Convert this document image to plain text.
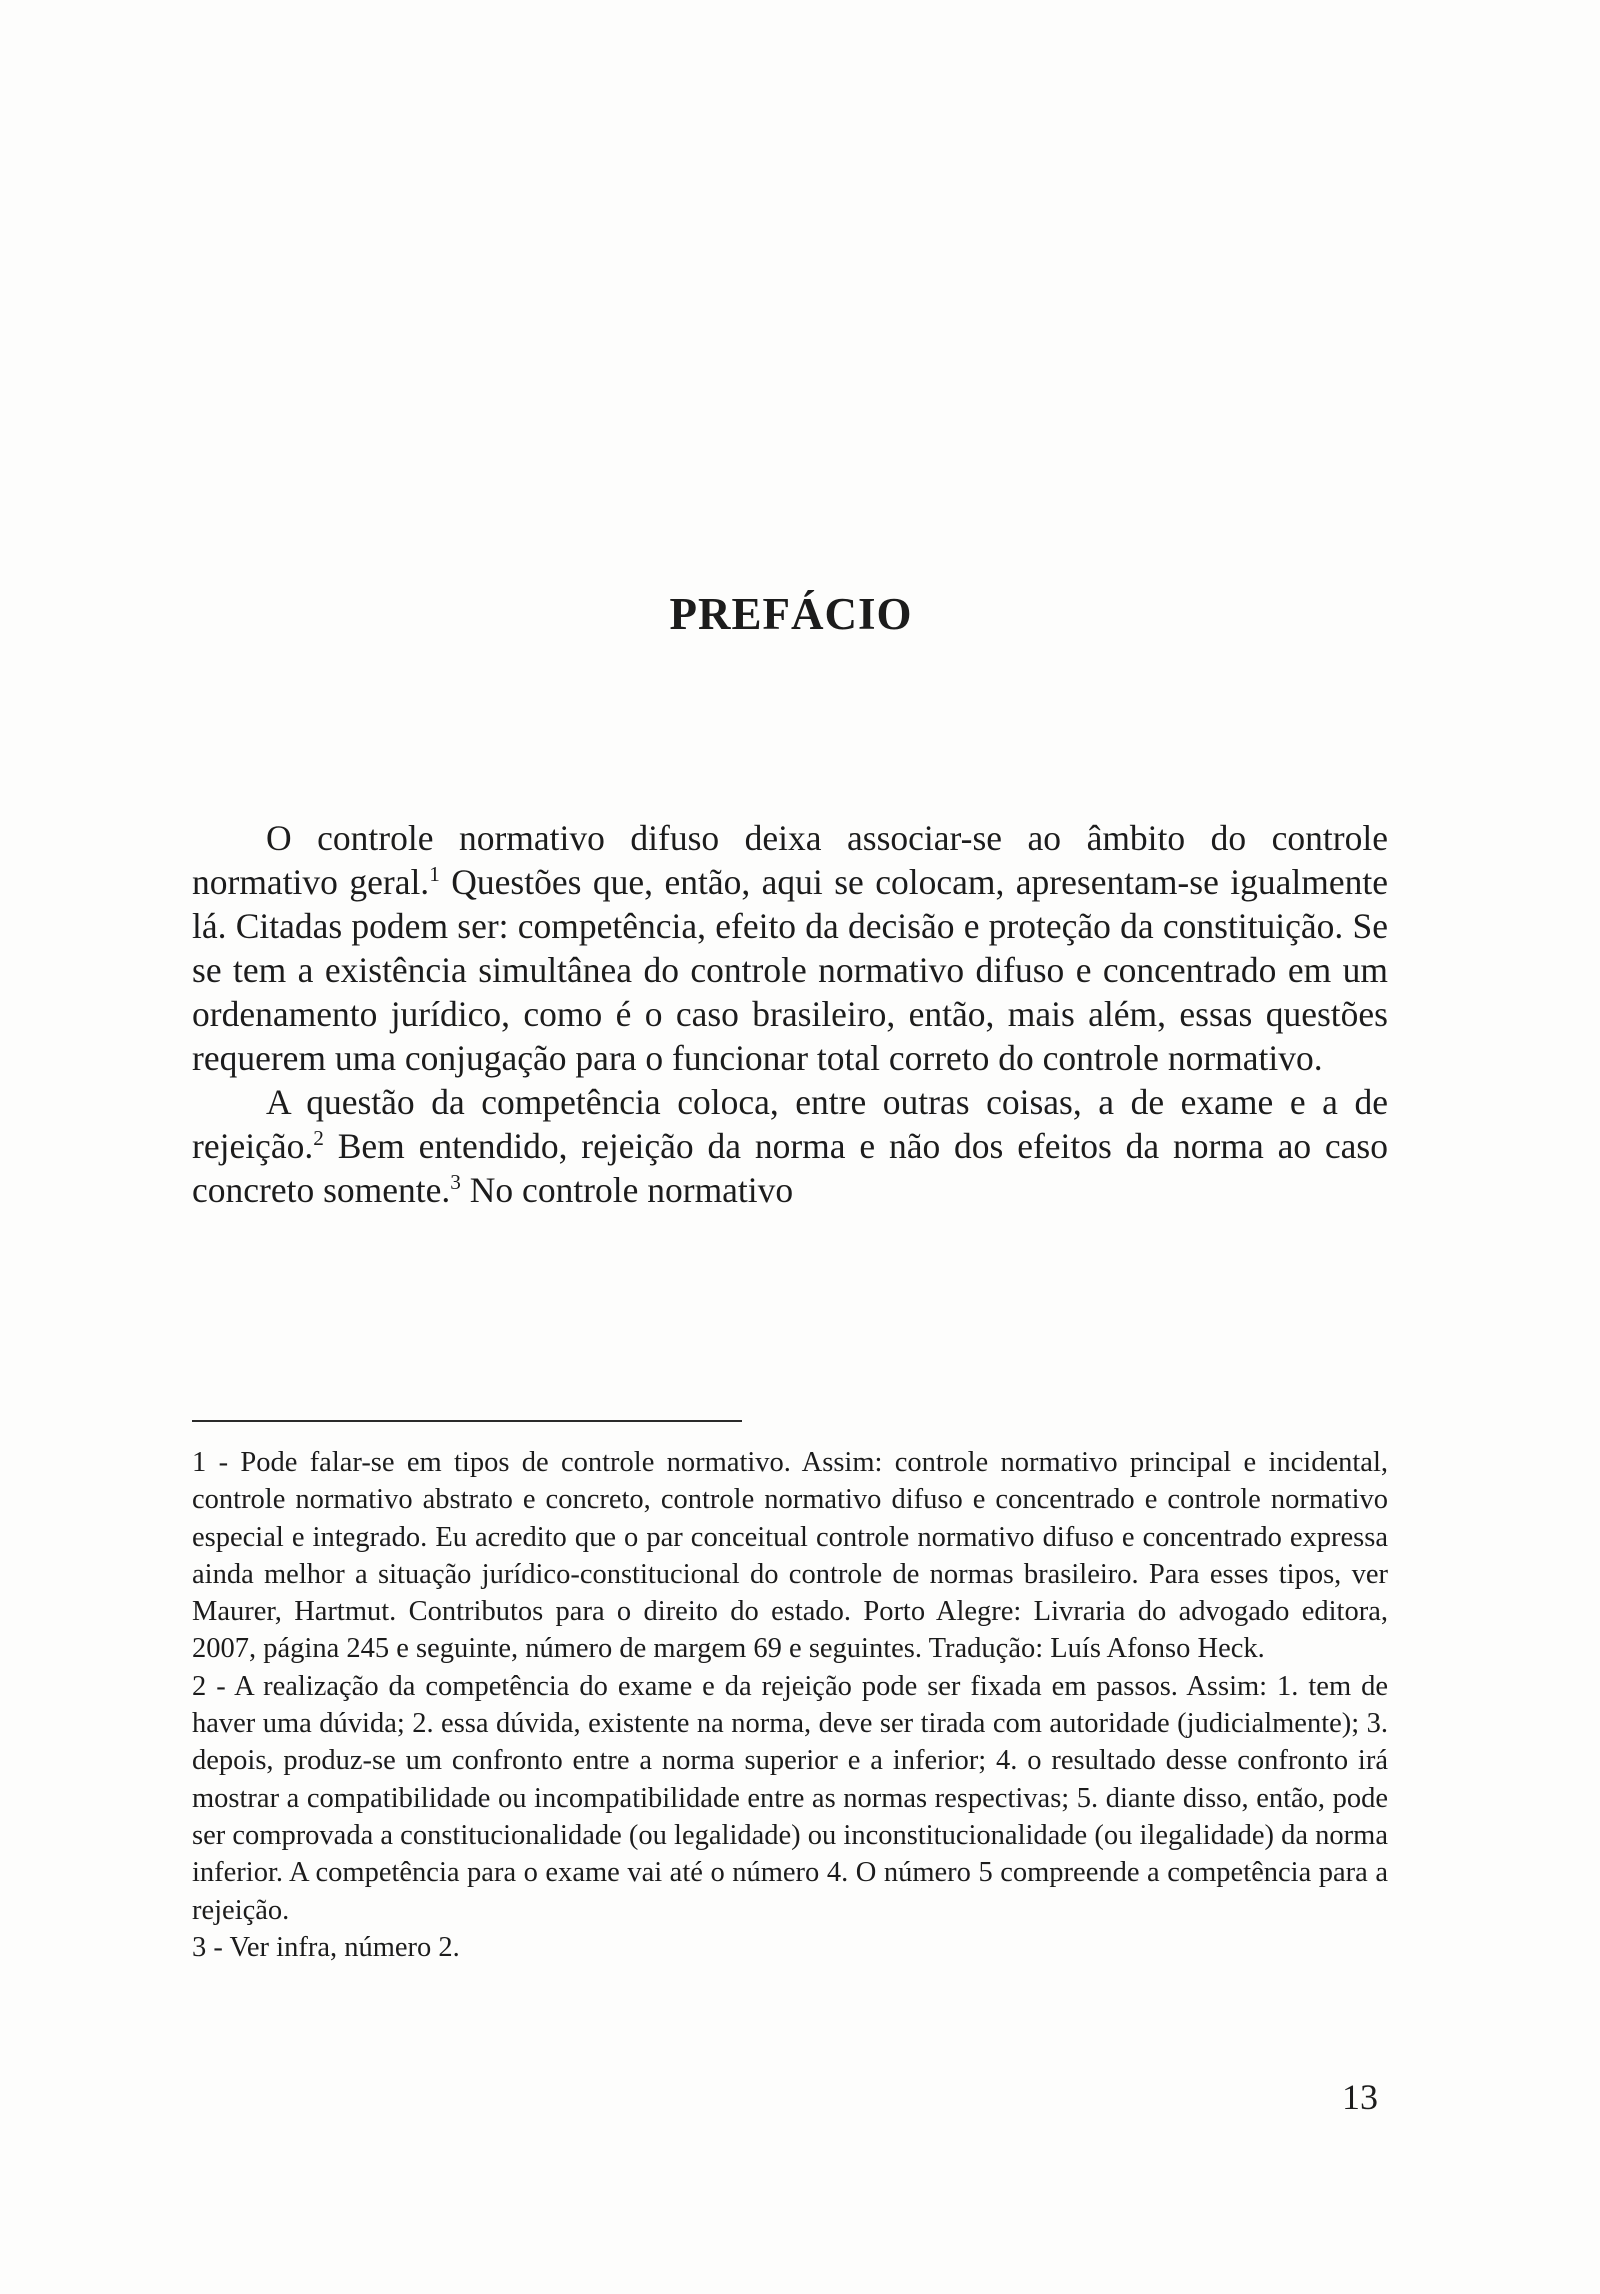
PREFÁCIO

O controle normativo difuso deixa associar-se ao âmbito do controle normativo geral.$^1$ Questões que, então, aqui se colocam, apresentam-se igualmente lá. Citadas podem ser: competência, efeito da decisão e proteção da constituição. Se se tem a existência simultânea do controle normativo difuso e concentrado em um ordenamento jurídico, como é o caso brasileiro, então, mais além, essas questões requerem uma conjugação para o funcionar total correto do controle normativo.

A questão da competência coloca, entre outras coisas, a de exame e a de rejeição.$^2$ Bem entendido, rejeição da norma e não dos efeitos da norma ao caso concreto somente.$^3$ No controle normativo

1 - Pode falar-se em tipos de controle normativo. Assim: controle normativo principal e incidental, controle normativo abstrato e concreto, controle normativo difuso e concentrado e controle normativo especial e integrado. Eu acredito que o par conceitual controle normativo difuso e concentrado expressa ainda melhor a situação jurídico-constitucional do controle de normas brasileiro. Para esses tipos, ver Maurer, Hartmut. Contributos para o direito do estado. Porto Alegre: Livraria do advogado editora, 2007, página 245 e seguinte, número de margem 69 e seguintes. Tradução: Luís Afonso Heck.

2 - A realização da competência do exame e da rejeição pode ser fixada em passos. Assim: 1. tem de haver uma dúvida; 2. essa dúvida, existente na norma, deve ser tirada com autoridade (judicialmente); 3. depois, produz-se um confronto entre a norma superior e a inferior; 4. o resultado desse confronto irá mostrar a compatibilidade ou incompatibilidade entre as normas respectivas; 5. diante disso, então, pode ser comprovada a constitucionalidade (ou legalidade) ou inconstitucionalidade (ou ilegalidade) da norma inferior. A competência para o exame vai até o número 4. O número 5 compreende a competência para a rejeição.

3 - Ver infra, número 2.

13
